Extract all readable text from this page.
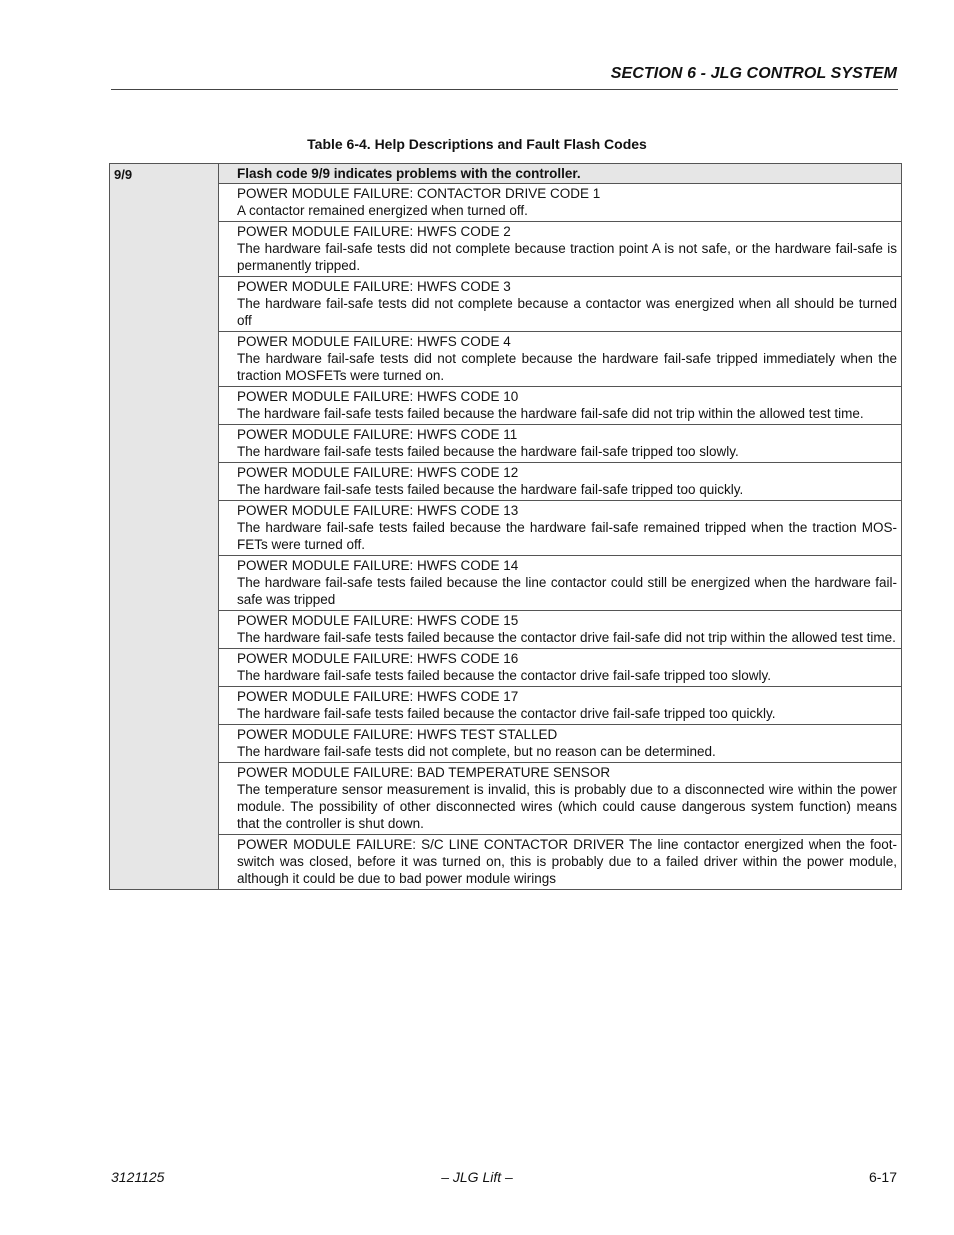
SECTION 6 - JLG CONTROL SYSTEM
Table 6-4. Help Descriptions and Fault Flash Codes
9/9	Flash code 9/9 indicates problems with the controller.

POWER MODULE FAILURE: CONTACTOR DRIVE CODE 1
A contactor remained energized when turned off.

POWER MODULE FAILURE: HWFS CODE 2
The hardware fail-safe tests did not complete because traction point A is not safe, or the hardware fail-safe is permanently tripped.

POWER MODULE FAILURE: HWFS CODE 3
The hardware fail-safe tests did not complete because a contactor was energized when all should be turned off

POWER MODULE FAILURE: HWFS CODE 4
The hardware fail-safe tests did not complete because the hardware fail-safe tripped immediately when the traction MOSFETs were turned on.

POWER MODULE FAILURE: HWFS CODE 10
The hardware fail-safe tests failed because the hardware fail-safe did not trip within the allowed test time.

POWER MODULE FAILURE: HWFS CODE 11
The hardware fail-safe tests failed because the hardware fail-safe tripped too slowly.

POWER MODULE FAILURE: HWFS CODE 12
The hardware fail-safe tests failed because the hardware fail-safe tripped too quickly.

POWER MODULE FAILURE: HWFS CODE 13
The hardware fail-safe tests failed because the hardware fail-safe remained tripped when the traction MOS-FETs were turned off.

POWER MODULE FAILURE: HWFS CODE 14
The hardware fail-safe tests failed because the line contactor could still be energized when the hardware fail-safe was tripped

POWER MODULE FAILURE: HWFS CODE 15
The hardware fail-safe tests failed because the contactor drive fail-safe did not trip within the allowed test time.

POWER MODULE FAILURE: HWFS CODE 16
The hardware fail-safe tests failed because the contactor drive fail-safe tripped too slowly.

POWER MODULE FAILURE: HWFS CODE 17
The hardware fail-safe tests failed because the contactor drive fail-safe tripped too quickly.

POWER MODULE FAILURE: HWFS TEST STALLED
The hardware fail-safe tests did not complete, but no reason can be determined.

POWER MODULE FAILURE: BAD TEMPERATURE SENSOR
The temperature sensor measurement is invalid, this is probably due to a disconnected wire within the power module. The possibility of other disconnected wires (which could cause dangerous system function) means that the controller is shut down.

POWER MODULE FAILURE: S/C LINE CONTACTOR DRIVER The line contactor energized when the foot-switch was closed, before it was turned on, this is probably due to a failed driver within the power module, although it could be due to bad power module wirings
3121125	– JLG Lift –	6-17
